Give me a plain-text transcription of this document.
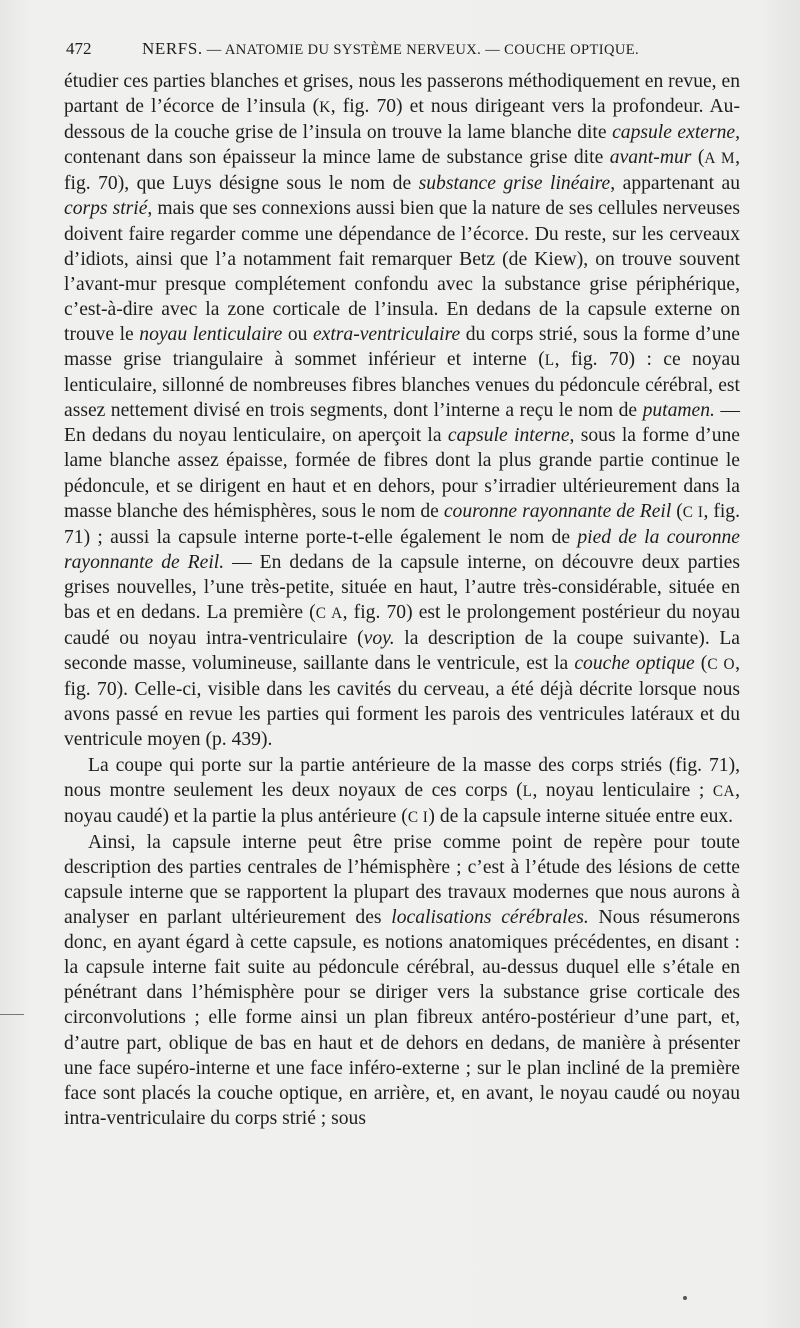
472	NERFS. — ANATOMIE DU SYSTÈME NERVEUX. — COUCHE OPTIQUE.

étudier ces parties blanches et grises, nous les passerons méthodiquement en revue, en partant de l’écorce de l’insula (K, fig. 70) et nous dirigeant vers la profondeur. Au-dessous de la couche grise de l’insula on trouve la lame blanche dite capsule externe, contenant dans son épaisseur la mince lame de substance grise dite avant-mur (A M, fig. 70), que Luys désigne sous le nom de substance grise linéaire, appartenant au corps strié, mais que ses connexions aussi bien que la nature de ses cellules nerveuses doivent faire regarder comme une dépendance de l’écorce. Du reste, sur les cerveaux d’idiots, ainsi que l’a notamment fait remarquer Betz (de Kiew), on trouve souvent l’avant-mur presque complétement confondu avec la substance grise périphérique, c’est-à-dire avec la zone corticale de l’insula. En dedans de la capsule externe on trouve le noyau lenticulaire ou extra-ventriculaire du corps strié, sous la forme d’une masse grise triangulaire à sommet inférieur et interne (L, fig. 70) : ce noyau lenticulaire, sillonné de nombreuses fibres blanches venues du pédoncule cérébral, est assez nettement divisé en trois segments, dont l’interne a reçu le nom de putamen. — En dedans du noyau lenticulaire, on aperçoit la capsule interne, sous la forme d’une lame blanche assez épaisse, formée de fibres dont la plus grande partie continue le pédoncule, et se dirigent en haut et en dehors, pour s’irradier ultérieurement dans la masse blanche des hémisphères, sous le nom de couronne rayonnante de Reil (C I, fig. 71) ; aussi la capsule interne porte-t-elle également le nom de pied de la couronne rayonnante de Reil. — En dedans de la capsule interne, on découvre deux parties grises nouvelles, l’une très-petite, située en haut, l’autre très-considérable, située en bas et en dedans. La première (C A, fig. 70) est le prolongement postérieur du noyau caudé ou noyau intra-ventriculaire (voy. la description de la coupe suivante). La seconde masse, volumineuse, saillante dans le ventricule, est la couche optique (C O, fig. 70). Celle-ci, visible dans les cavités du cerveau, a été déjà décrite lorsque nous avons passé en revue les parties qui forment les parois des ventricules latéraux et du ventricule moyen (p. 439).

La coupe qui porte sur la partie antérieure de la masse des corps striés (fig. 71), nous montre seulement les deux noyaux de ces corps (L, noyau lenticulaire ; CA, noyau caudé) et la partie la plus antérieure (C I) de la capsule interne située entre eux.

Ainsi, la capsule interne peut être prise comme point de repère pour toute description des parties centrales de l’hémisphère ; c’est à l’étude des lésions de cette capsule interne que se rapportent la plupart des travaux modernes que nous aurons à analyser en parlant ultérieurement des localisations cérébrales. Nous résumerons donc, en ayant égard à cette capsule, es notions anatomiques précédentes, en disant : la capsule interne fait suite au pédoncule cérébral, au-dessus duquel elle s’étale en pénétrant dans l’hémisphère pour se diriger vers la substance grise corticale des circonvolutions ; elle forme ainsi un plan fibreux antéro-postérieur d’une part, et, d’autre part, oblique de bas en haut et de dehors en dedans, de manière à présenter une face supéro-interne et une face inféro-externe ; sur le plan incliné de la première face sont placés la couche optique, en arrière, et, en avant, le noyau caudé ou noyau intra-ventriculaire du corps strié ; sous
